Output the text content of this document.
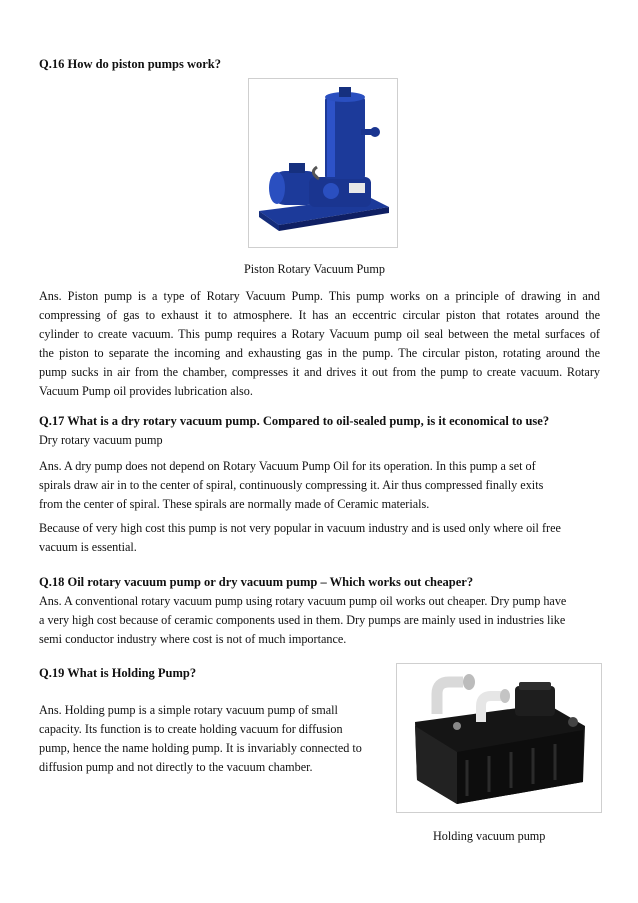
Q.16 How do piston pumps work?
Piston Rotary Vacuum Pump
Ans. Piston pump is a type of Rotary Vacuum Pump. This pump works on a principle of drawing in and
compressing of gas to exhaust it to atmosphere. It has an eccentric circular piston that rotates around the
cylinder to create vacuum. This pump requires a Rotary Vacuum pump oil seal between the metal surfaces of
the piston to separate the incoming and exhausting gas in the pump. The circular piston, rotating around the
pump sucks in air from the chamber, compresses it and drives it out from the pump to create vacuum. Rotary
Vacuum Pump oil provides lubrication also.
Q.17 What is a dry rotary vacuum pump. Compared to oil-sealed pump, is it economical to use?
Dry rotary vacuum pump
Ans. A dry pump does not depend on Rotary Vacuum Pump Oil for its operation. In this pump a set of
spirals draw air in to the center of spiral, continuously compressing it. Air thus compressed finally exits
from the center of spiral. These spirals are normally made of Ceramic materials.
Because of very high cost this pump is not very popular in vacuum industry and is used only where oil free
vacuum is essential.
Q.18 Oil rotary vacuum pump or dry vacuum pump – Which works out cheaper?
Ans. A conventional rotary vacuum pump using rotary vacuum pump oil works out cheaper. Dry pump have
a very high cost because of ceramic components used in them. Dry pumps are mainly used in industries like
semi conductor industry where cost is not of much importance.
Q.19 What is Holding Pump?
Ans. Holding pump is a simple rotary vacuum pump of small
capacity. Its function is to create holding vacuum for diffusion
pump, hence the name holding pump. It is invariably connected to
diffusion pump and not directly to the vacuum chamber.
Holding vacuum pump
